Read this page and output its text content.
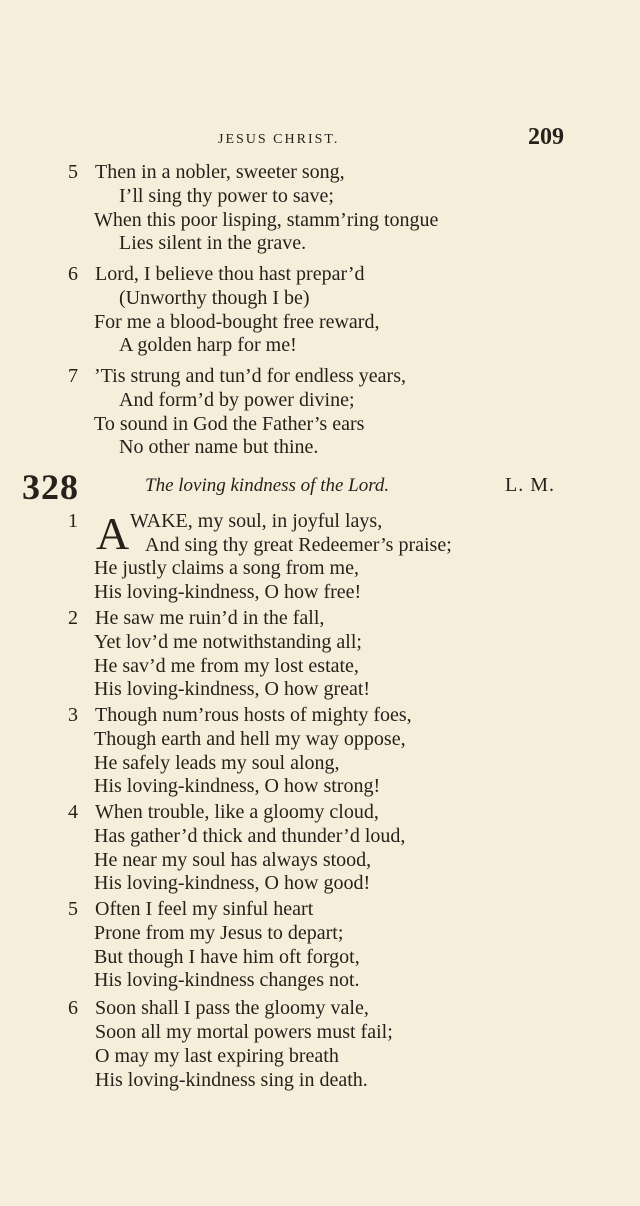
JESUS CHRIST.	209
5 Then in a nobler, sweeter song,
I’ll sing thy power to save;
When this poor lisping, stamm’ring tongue
Lies silent in the grave.
6 Lord, I believe thou hast prepar’d
(Unworthy though I be)
For me a blood-bought free reward,
A golden harp for me!
7 ’Tis strung and tun’d for endless years,
And form’d by power divine;
To sound in God the Father’s ears
No other name but thine.
328	The loving kindness of the Lord.	L. M.
1 A WAKE, my soul, in joyful lays,
And sing thy great Redeemer’s praise;
He justly claims a song from me,
His loving-kindness, O how free!
2 He saw me ruin’d in the fall,
Yet lov’d me notwithstanding all;
He sav’d me from my lost estate,
His loving-kindness, O how great!
3 Though num’rous hosts of mighty foes,
Though earth and hell my way oppose,
He safely leads my soul along,
His loving-kindness, O how strong!
4 When trouble, like a gloomy cloud,
Has gather’d thick and thunder’d loud,
He near my soul has always stood,
His loving-kindness, O how good!
5 Often I feel my sinful heart
Prone from my Jesus to depart;
But though I have him oft forgot,
His loving-kindness changes not.
6 Soon shall I pass the gloomy vale,
Soon all my mortal powers must fail;
O may my last expiring breath
His loving-kindness sing in death.
